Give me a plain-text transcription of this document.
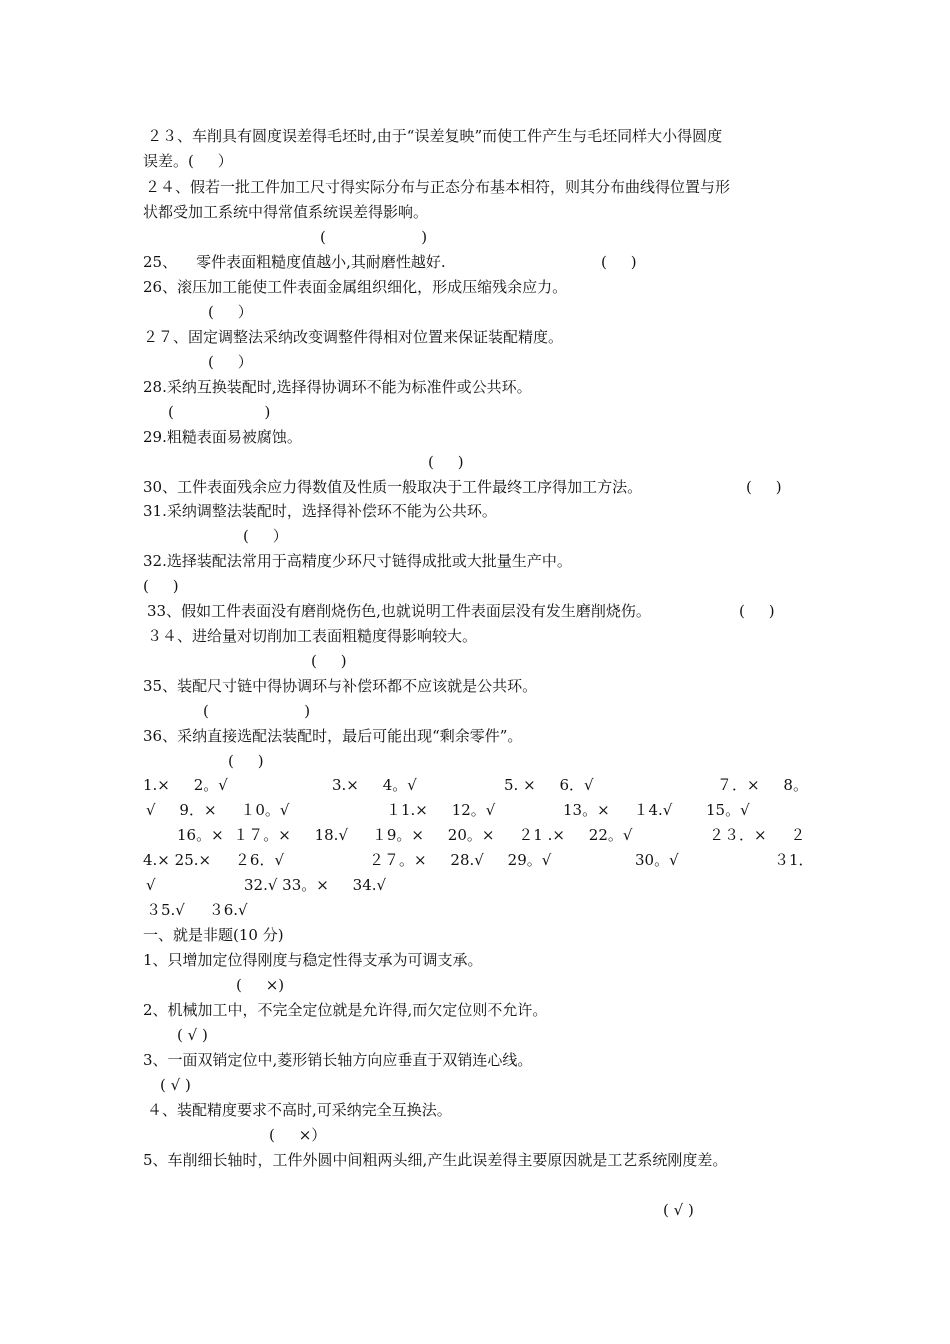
２３、车削具有圆度误差得毛坯时,由于“误差复映”而使工件产生与毛坯同样大小得圆度
误差。(     ）
２４、假若一批工件加工尺寸得实际分布与正态分布基本相符，则其分布曲线得位置与形
状都受加工系统中得常值系统误差得影响。
(                    )
25、    零件表面粗糙度值越小,其耐磨性越好.	(     )
26、滚压加工能使工件表面金属组织细化，形成压缩残余应力。
(     ）
２７、固定调整法采纳改变调整件得相对位置来保证装配精度。
(     ）
28.采纳互换装配时,选择得协调环不能为标准件或公共环。
(                   )
29.粗糙表面易被腐蚀。
(     )
30、工件表面残余应力得数值及性质一般取决于工件最终工序得加工方法。	(     )
31.采纳调整法装配时，选择得补偿环不能为公共环。
(     ）
32.选择装配法常用于高精度少环尺寸链得成批或大批量生产中。
(     )
33、假如工件表面没有磨削烧伤色,也就说明工件表面层没有发生磨削烧伤。	(     )
３４、进给量对切削加工表面粗糙度得影响较大。
(     )
35、装配尺寸链中得协调环与补偿环都不应该就是公共环。
(                    )
36、采纳直接选配法装配时，最后可能出现“剩余零件”。
(     )
1.×     2。√	3.×     4。√	5. ×     6．√	７．×     8。
√     9．×     １0。√	１1.×     12。√	13。×     １4.√ 15。√
16。×  １７。×     18.√     １9。×     20。×     ２1 .×     22。√	２３．×     ２
4.× 25.×     ２6．√	２７。×     28.√     29。√	30。√	３1．
√	32.√ 33。×     34.√
３5.√     ３6.√
一、就是非题(10 分)
1、只增加定位得刚度与稳定性得支承为可调支承。
(     ×)
2、机械加工中，不完全定位就是允许得,而欠定位则不允许。
( √ )
3、一面双销定位中,菱形销长轴方向应垂直于双销连心线。
( √ )
４、装配精度要求不高时,可采纳完全互换法。
(     ×）
5、车削细长轴时，工件外圆中间粗两头细,产生此误差得主要原因就是工艺系统刚度差。
( √ )
